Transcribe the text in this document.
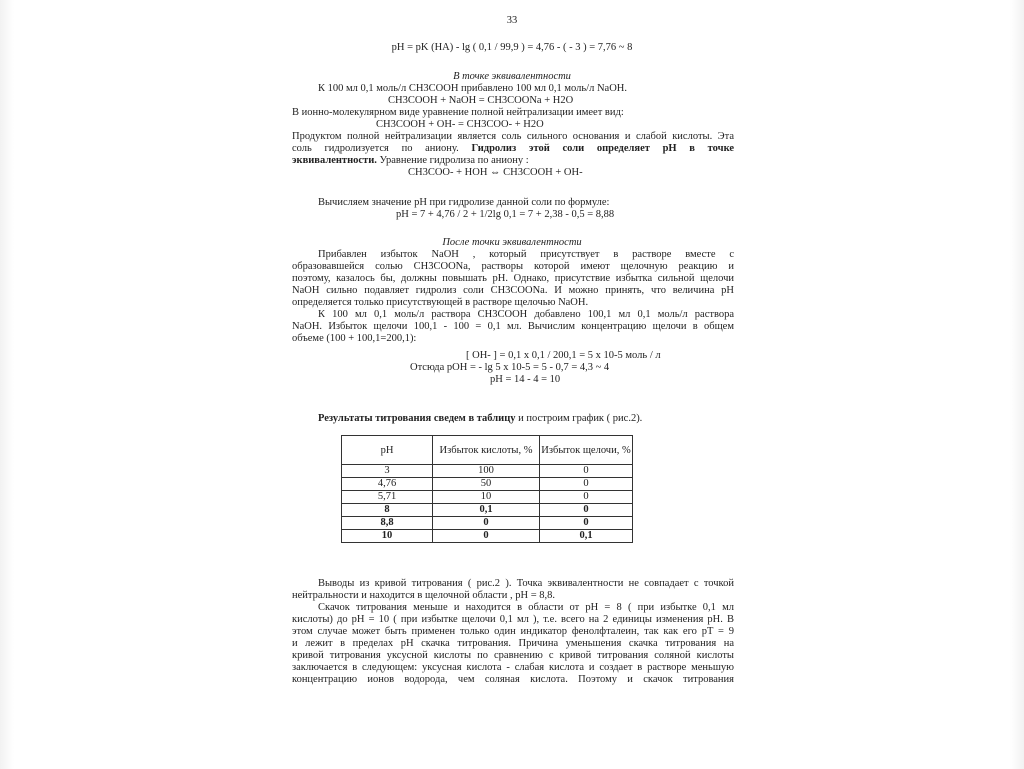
33
pH = pK (HA) - lg ( 0,1 / 99,9 ) = 4,76 - ( - 3 ) = 7,76 ~ 8
В точке эквивалентности
К 100 мл 0,1 моль/л CH3COOH прибавлено 100 мл 0,1 моль/л NaOH.
CH3COOH + NaOH = CH3COONa + H2O
В ионно-молекулярном виде уравнение полной нейтрализации имеет вид:
CH3COOH + OH- = CH3COO- + H2O
Продуктом полной нейтрализации является соль сильного основания и слабой кислоты. Эта
соль гидролизуется по аниону. Гидролиз этой соли определяет рН в точке
эквивалентности. Уравнение гидролиза по аниону :
CH3COO- + HOH ⇔ CH3COOH + OH-
Вычисляем значение рН при гидролизе данной соли по формуле:
pH = 7 + 4,76 / 2 + 1/2lg 0,1 = 7 + 2,38 - 0,5 = 8,88
После точки эквивалентности
Прибавлен избыток NaOH , который присутствует в растворе вместе с
образовавшейся солью CH3COONa, растворы которой имеют щелочную реакцию и
поэтому, казалось бы, должны повышать рН. Однако, присутствие избытка сильной щелочи
NaOH сильно подавляет гидролиз соли CH3COONa. И можно принять, что величина рН
определяется только присутствующей в растворе щелочью NaOH.
К 100 мл 0,1 моль/л раствора CH3COOH добавлено 100,1 мл 0,1 моль/л раствора
NaOH. Избыток щелочи 100,1 - 100 = 0,1 мл. Вычислим концентрацию щелочи в общем
объеме (100 + 100,1=200,1):
[ OH- ] = 0,1 x 0,1 / 200,1 = 5 x 10-5 моль / л
Отсюда pOH = - lg 5 x 10-5 = 5 - 0,7 = 4,3 ~ 4
pH = 14 - 4 = 10
Результаты титрования сведем в таблицу и построим график ( рис.2).
pH	Избыток кислоты, %	Избыток щелочи, %
3	100	0
4,76	50	0
5,71	10	0
8	0,1	0
8,8	0	0
10	0	0,1
Выводы из кривой титрования ( рис.2 ). Точка эквивалентности не совпадает с точкой
нейтральности и находится в щелочной области , рН = 8,8.
Скачок титрования меньше и находится в области от рН = 8 ( при избытке 0,1 мл
кислоты) до рН = 10 ( при избытке щелочи 0,1 мл ), т.е. всего на 2 единицы изменения рН. В
этом случае может быть применен только один индикатор фенолфталеин, так как его pT = 9
и лежит в пределах рН скачка титрования. Причина уменьшения скачка титрования на
кривой титрования уксусной кислоты по сравнению с кривой титрования соляной кислоты
заключается в следующем: уксусная кислота - слабая кислота и создает в растворе меньшую
концентрацию ионов водорода, чем соляная кислота. Поэтому и скачок титрования
